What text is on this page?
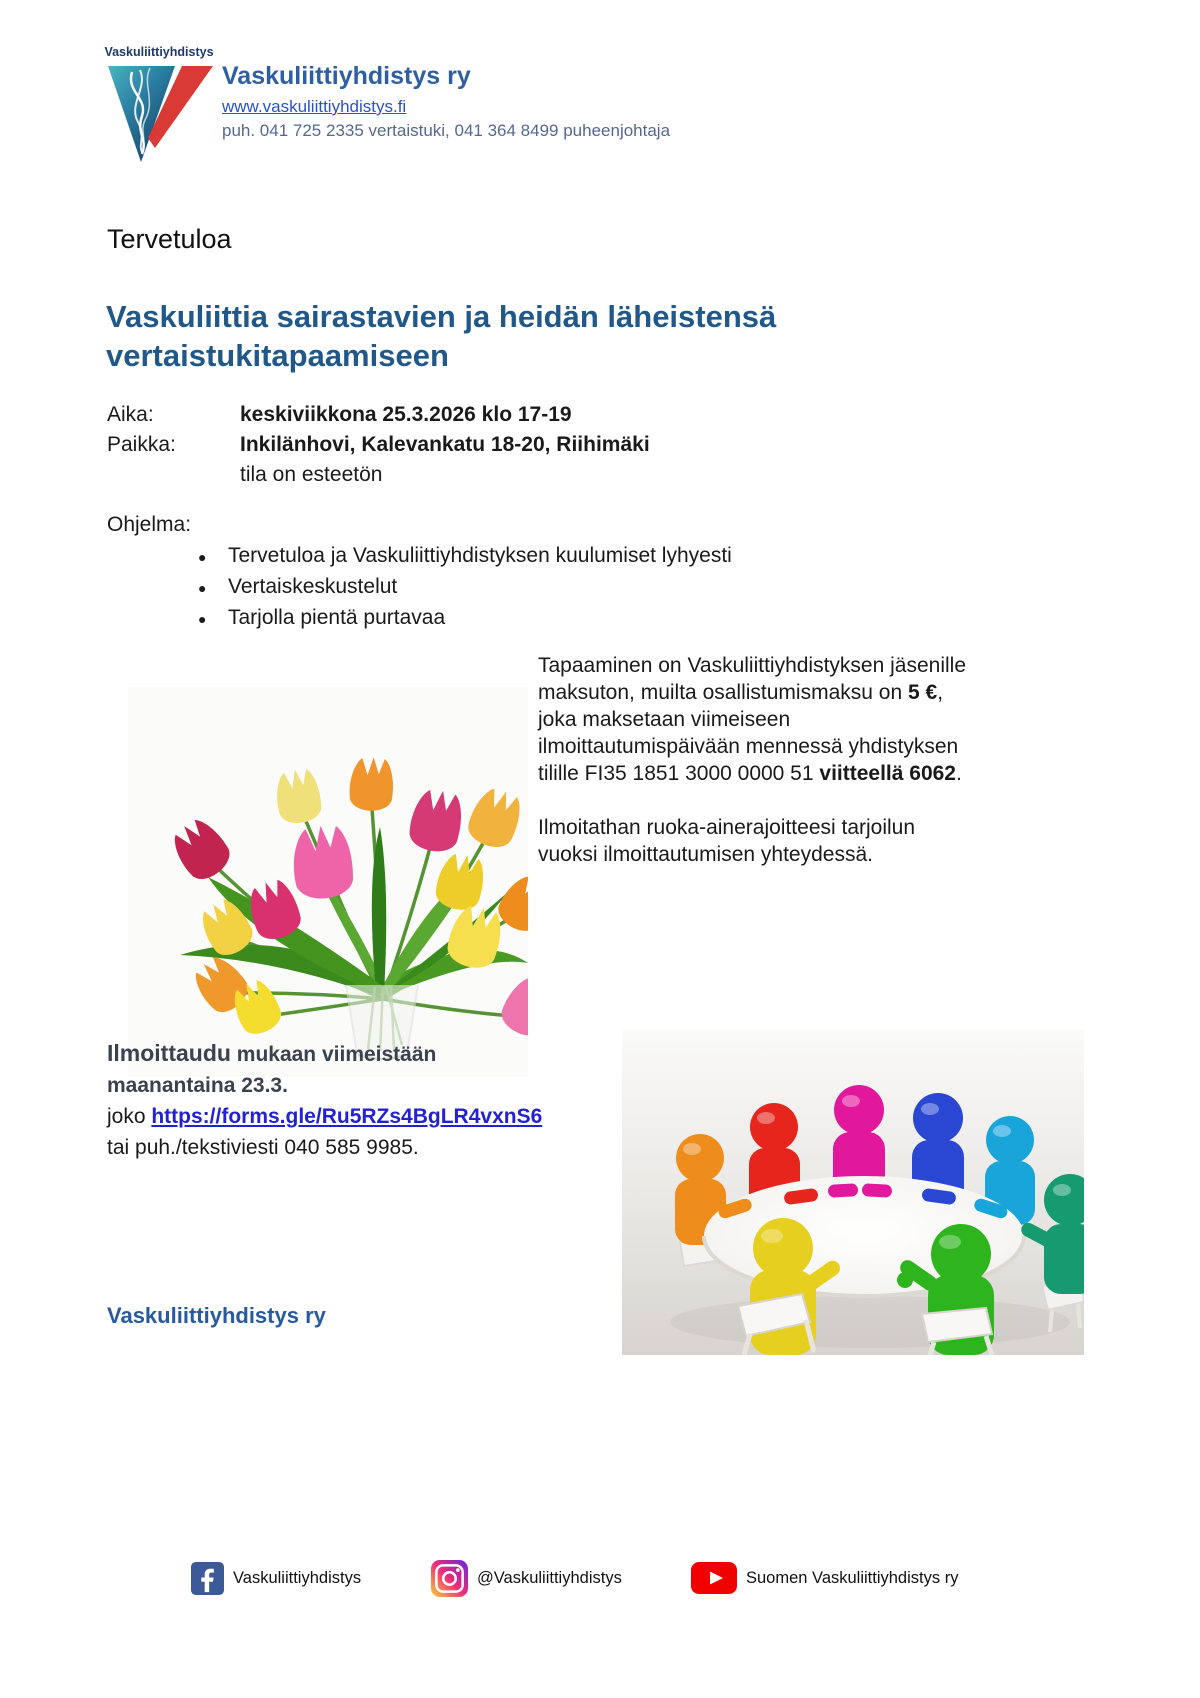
Vaskuliittiyhdistys
Vaskuliittiyhdistys ry
www.vaskuliittiyhdistys.fi
puh. 041 725 2335 vertaistuki, 041 364 8499 puheenjohtaja
Tervetuloa
Vaskuliittia sairastavien ja heidän läheistensä vertaistukitapaamiseen
Aika:	keskiviikkona 25.3.2026 klo 17-19
Paikka:	Inkilänhovi, Kalevankatu 18-20, Riihimäki
tila on esteetön
Ohjelma:
●	Tervetuloa ja Vaskuliittiyhdistyksen kuulumiset lyhyesti
●	Vertaiskeskustelut
●	Tarjolla pientä purtavaa
Tapaaminen on Vaskuliittiyhdistyksen jäsenille maksuton, muilta osallistumismaksu on 5 €, joka maksetaan viimeiseen ilmoittautumispäivään mennessä yhdistyksen tilille FI35 1851 3000 0000 51 viitteellä 6062.
Ilmoitathan ruoka-ainerajoitteesi tarjoilun vuoksi ilmoittautumisen yhteydessä.
Ilmoittaudu mukaan viimeistään
maanantaina 23.3.
joko https://forms.gle/Ru5RZs4BgLR4vxnS6
tai puh./tekstiviesti 040 585 9985.
Vaskuliittiyhdistys ry
Vaskuliittiyhdistys	@Vaskuliittiyhdistys	Suomen Vaskuliittiyhdistys ry
